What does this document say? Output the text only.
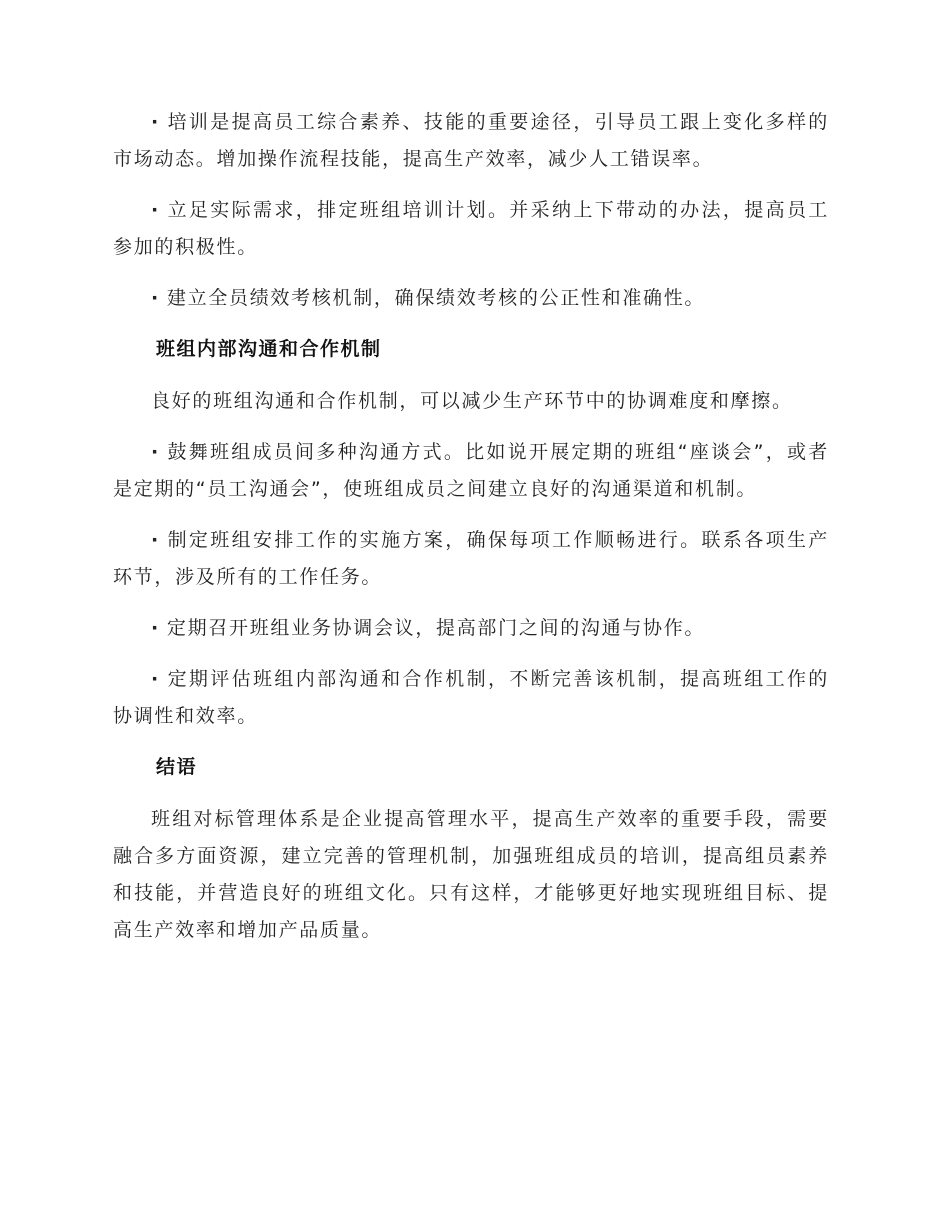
· 培训是提高员工综合素养、技能的重要途径，引导员工跟上变化多样的市场动态。增加操作流程技能，提高生产效率，减少人工错误率。

· 立足实际需求，排定班组培训计划。并采纳上下带动的办法，提高员工参加的积极性。

· 建立全员绩效考核机制，确保绩效考核的公正性和准确性。

班组内部沟通和合作机制

良好的班组沟通和合作机制，可以减少生产环节中的协调难度和摩擦。

· 鼓舞班组成员间多种沟通方式。比如说开展定期的班组“座谈会”，或者是定期的“员工沟通会”，使班组成员之间建立良好的沟通渠道和机制。

· 制定班组安排工作的实施方案，确保每项工作顺畅进行。联系各项生产环节，涉及所有的工作任务。

· 定期召开班组业务协调会议，提高部门之间的沟通与协作。

· 定期评估班组内部沟通和合作机制，不断完善该机制，提高班组工作的协调性和效率。

结语

班组对标管理体系是企业提高管理水平，提高生产效率的重要手段，需要融合多方面资源，建立完善的管理机制，加强班组成员的培训，提高组员素养和技能，并营造良好的班组文化。只有这样，才能够更好地实现班组目标、提高生产效率和增加产品质量。
